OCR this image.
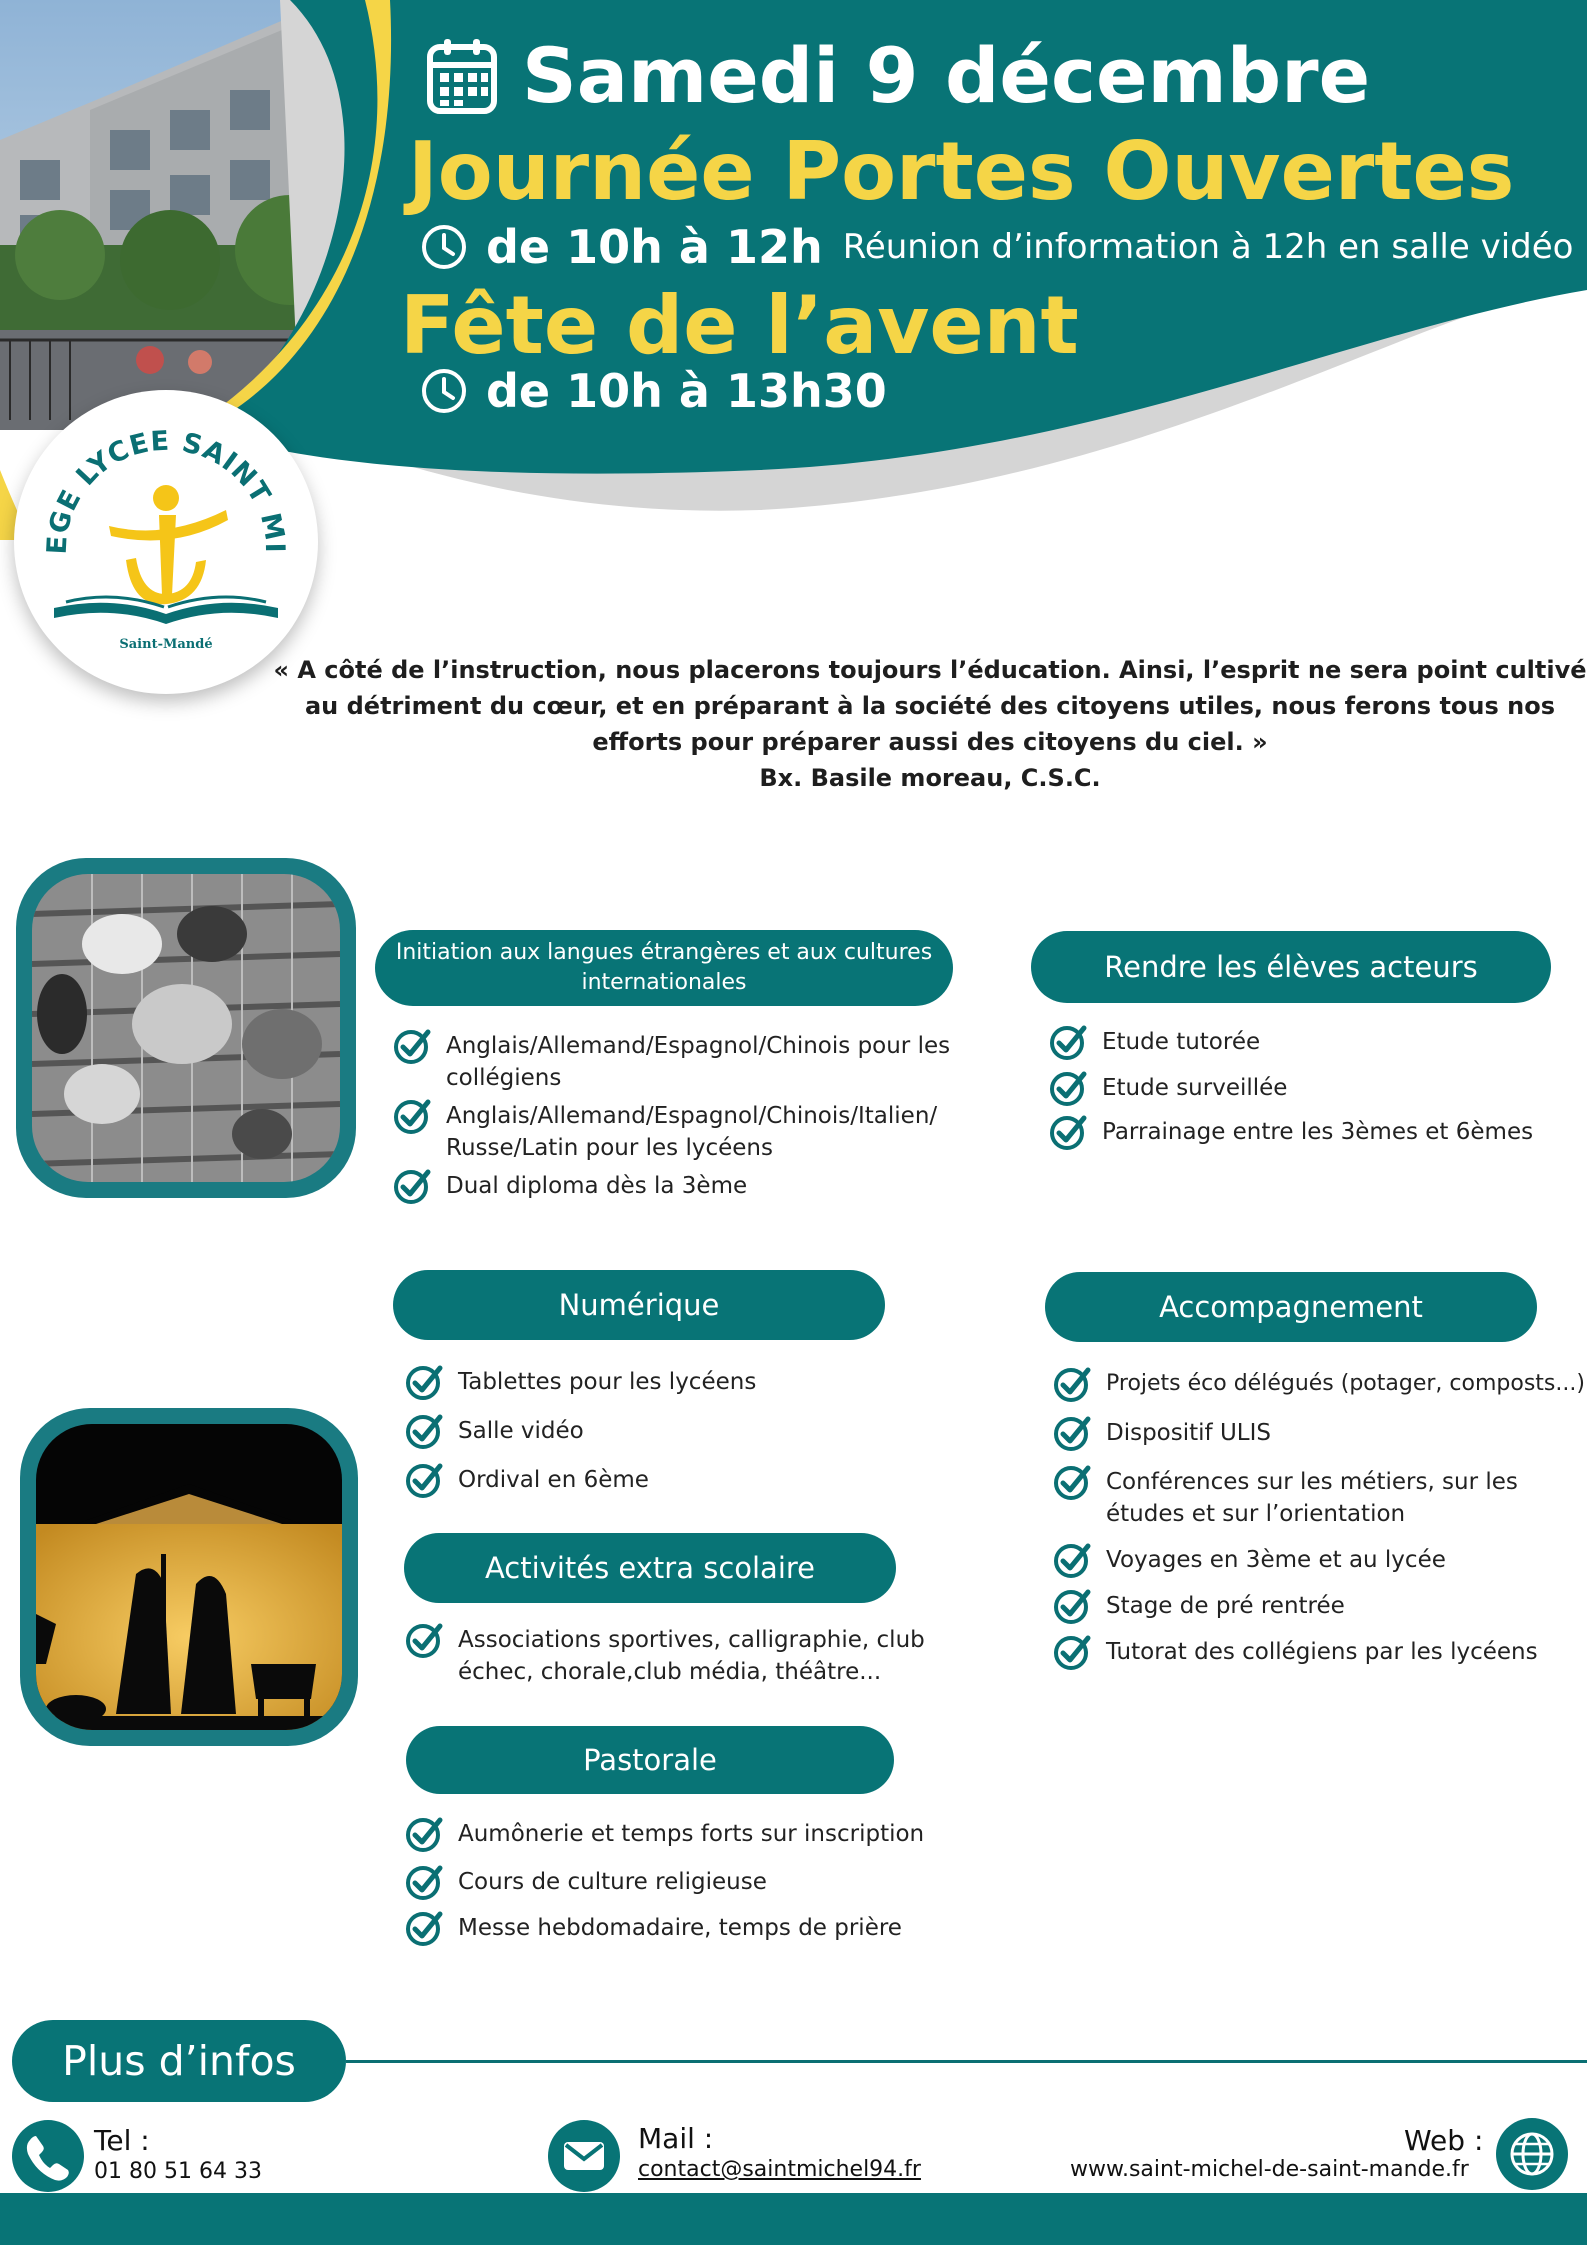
Samedi 9 décembre
Journée Portes Ouvertes
de 10h à 12h Réunion d’information à 12h en salle vidéo
Fête de l’avent
de 10h à 13h30
EGE LYCEE SAINT MI
Saint-Mandé
« A côté de l’instruction, nous placerons toujours l’éducation. Ainsi, l’esprit ne sera point cultivé au détriment du cœur, et en préparant à la société des citoyens utiles, nous ferons tous nos efforts pour préparer aussi des citoyens du ciel. »
Bx. Basile moreau, C.S.C.
Initiation aux langues étrangères et aux cultures internationales
Anglais/Allemand/Espagnol/Chinois pour les collégiens
Anglais/Allemand/Espagnol/Chinois/Italien/ Russe/Latin pour les lycéens
Dual diploma dès la 3ème
Rendre les élèves acteurs
Etude tutorée
Etude surveillée
Parrainage entre les 3èmes et 6èmes
Numérique
Tablettes pour les lycéens
Salle vidéo
Ordival en 6ème
Accompagnement
Projets éco délégués (potager, composts...)
Dispositif ULIS
Conférences sur les métiers, sur les études et sur l’orientation
Voyages en 3ème et au lycée
Stage de pré rentrée
Tutorat des collégiens par les lycéens
Activités extra scolaire
Associations sportives, calligraphie, club échec, chorale,club média, théâtre...
Pastorale
Aumônerie et temps forts sur inscription
Cours de culture religieuse
Messe hebdomadaire, temps de prière
Plus d’infos
Tel :
01 80 51 64 33
Mail :
contact@saintmichel94.fr
Web :
www.saint-michel-de-saint-mande.fr
